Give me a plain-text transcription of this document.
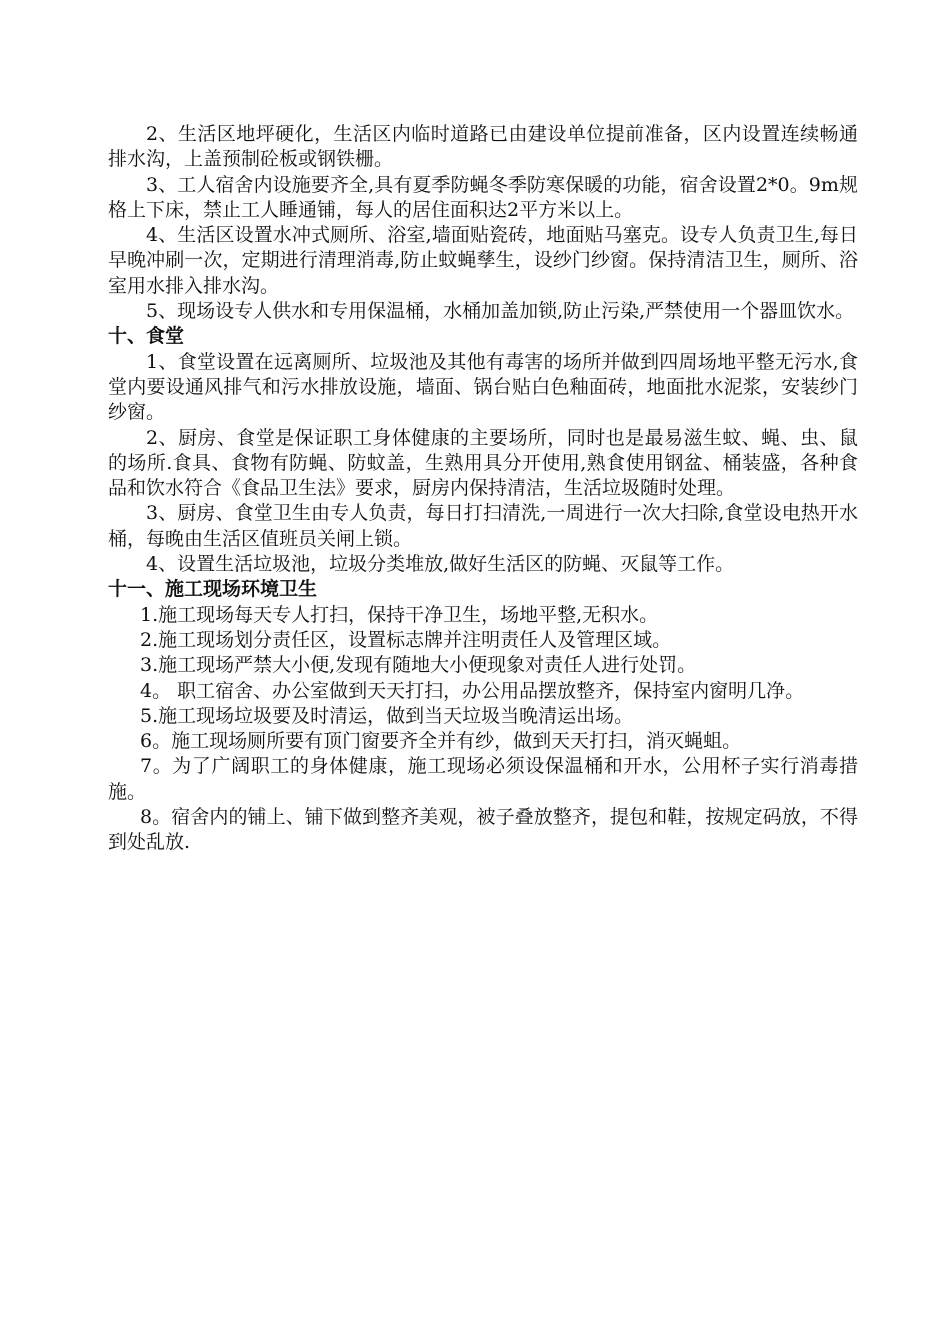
2、生活区地坪硬化，生活区内临时道路已由建设单位提前准备，区内设置连续畅通排水沟，上盖预制砼板或钢铁栅。

3、工人宿舍内设施要齐全,具有夏季防蝇冬季防寒保暖的功能，宿舍设置2*0。9m规格上下床，禁止工人睡通铺，每人的居住面积达2平方米以上。

4、生活区设置水冲式厕所、浴室,墙面贴瓷砖，地面贴马塞克。设专人负责卫生,每日早晚冲刷一次，定期进行清理消毒,防止蚊蝇孳生，设纱门纱窗。保持清洁卫生，厕所、浴室用水排入排水沟。

5、现场设专人供水和专用保温桶，水桶加盖加锁,防止污染,严禁使用一个器皿饮水。

十、食堂

1、食堂设置在远离厕所、垃圾池及其他有毒害的场所并做到四周场地平整无污水,食堂内要设通风排气和污水排放设施，墙面、锅台贴白色釉面砖，地面批水泥浆，安装纱门纱窗。

2、厨房、食堂是保证职工身体健康的主要场所，同时也是最易滋生蚊、蝇、虫、鼠的场所.食具、食物有防蝇、防蚊盖，生熟用具分开使用,熟食使用钢盆、桶装盛，各种食品和饮水符合《食品卫生法》要求，厨房内保持清洁，生活垃圾随时处理。

3、厨房、食堂卫生由专人负责，每日打扫清洗,一周进行一次大扫除,食堂设电热开水桶，每晚由生活区值班员关闸上锁。

4、设置生活垃圾池，垃圾分类堆放,做好生活区的防蝇、灭鼠等工作。

十一、施工现场环境卫生

1.施工现场每天专人打扫，保持干净卫生，场地平整,无积水。

2.施工现场划分责任区，设置标志牌并注明责任人及管理区域。

3.施工现场严禁大小便,发现有随地大小便现象对责任人进行处罚。

4。 职工宿舍、办公室做到天天打扫，办公用品摆放整齐，保持室内窗明几净。

5.施工现场垃圾要及时清运，做到当天垃圾当晚清运出场。

6。施工现场厕所要有顶门窗要齐全并有纱，做到天天打扫，消灭蝇蛆。

7。为了广阔职工的身体健康，施工现场必须设保温桶和开水，公用杯子实行消毒措施。

8。宿舍内的铺上、铺下做到整齐美观，被子叠放整齐，提包和鞋，按规定码放，不得到处乱放.
